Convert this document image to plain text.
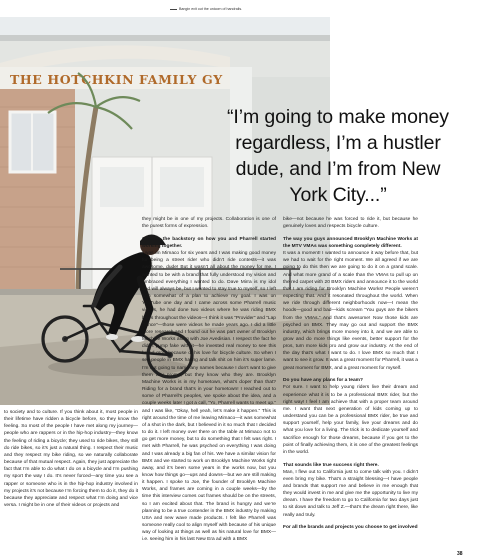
Bangin exit out the unicorn of handrails.
THE HOTCHKIN FAMILY GY
“I’m going to make money regardless, I’m a hustler dude, and I’m from New York City...”

to society and to culture. If you think about it, most people in their lifetime have ridden a bicycle before, so they know the feeling. So most of the people I have met along my journey— people who are rappers or in the hip-hop industry—they know the feeling of riding a bicycle; they used to ride bikes, they still do ride bikes, so it’s just a natural thing. I respect their music and they respect my bike riding, so we naturally collaborate because of that mutual respect. Again, they just appreciate the fact that I’m able to do what I do on a bicycle and I’m pushing my sport the way I do. It’s never forced—any time you see a rapper or someone who is in the hip-hop industry involved in my projects it’s not because I’m forcing them to do it, they do it because they appreciate and respect what I’m doing and vice versa. I might be in one of their videos or projects and

they might be in one of my projects. Collaboration is one of the purest forms of expression.

Give us the backstory on how you and Pharrell started working together.

I was on Mimaco for six years and I was making good money for being a street rider who didn’t ride contests—it was awesome, dude! But it wasn’t all about the money for me, I wanted to be with a brand that fully understood my vision and embraced everything I wanted to do. Dave Mirra is my idol and will always be, but I wanted to stay true to myself, so I left with somewhat of a plan to achieve my goal. I was on YouTube one day and I came across some Pharrell music videos, he had done two videos where he was riding BMX bikes throughout the videos—I think it was “Provider” and “Lap Dance”—those were videos he made years ago. I did a little more research and I found out he was part owner of Brooklyn Machine Works along with Joe Avedisian. I respect the fact he didn’t pump fake with it—he invested real money to see this brand grow because of his love for bicycle culture. So when I see people in BMX hating and talk shit on him it’s super lame. I’m not going to name any names because I don’t want to give them any promo, but they know who they are. Brooklyn Machine Works is in my hometown, what’s doper than that? Riding for a brand that’s in your hometown! I reached out to some of Pharrell’s peoples, we spoke about the idea, and a couple weeks later I got a call, “Yo, Pharrell wants to meet up.” and I was like, “Okay, hell yeah, let’s make it happen.” This is right around the time of me leaving Mimaco—it was somewhat of a shot in the dark, but I believed in it so much that I decided to do it. I left money over there on the table at Mimaco not to go get more money, but to do something that I felt was right. I met with Pharrell, he was psyched on everything I was doing and I was already a big fan of his. We have a similar vision for BMX and we started to work on Brooklyn Machine Works right away, and it’s been some years in the works now, but you know how things go—ups and downs—but we are still making it happen. I spoke to Joe, the founder of Brooklyn Machine Works, and frames are coming in a couple weeks—by the time this interview comes out frames should be on the streets, so I am excited about that. The brand is hungry and we’re planning to be a true contender in the BMX industry by making USA and new wave made products. I felt like Pharrell was someone really cool to align myself with because of his unique way of looking at things as well as his natural love for BMX—i.e. seeing him in his last New Era ad with a BMX

bike—not because he was forced to ride it, but because he genuinely loves and respects bicycle culture.

The way you guys announced Brooklyn Machine Works at the MTV VMAs was something completely different.

It was a moment! I wanted to announce it way before that, but we had to wait for the right moment. We all agreed if we are going to do this then we are going to do it on a grand scale. And what more grand of a scale than the VMAs to pull up on the red carpet with 20 BMX riders and announce it to the world that I am riding for Brooklyn Machine Works! People weren’t expecting that. And it resonated throughout the world. When we ride through different neighborhoods now—I mean the hoods—good and bad—kids scream “You guys are the bikers from the VMAs.” And that’s awesome! Now those kids are psyched on BMX. They may go out and support the BMX industry, which brings more money into it, and we are able to grow and do more things like events, better support for the pros, turn more kids pro and grow our industry. At the end of the day that’s what I want to do. I love BMX so much that I want to see it grow. It was a great moment for Pharrell, it was a great moment for BMX, and a great moment for myself.

Do you have any plans for a team?

For sure. I want to help young riders live their dream and experience what it is to be a professional BMX rider, but the right way! I feel I am achieve that with a proper team around me. I want that next generation of kids coming up to understand you can be a professional BMX rider, be true and support yourself, help your family, live your dreams and do what you love for a living. The trick is to dedicate yourself and sacrifice enough for those dreams, because if you get to the point of finally achieving them, it is one of the greatest feelings in the world.

That sounds like true success right there.

Man, I flew out to California just to come talk with you. I didn’t even bring my bike. That’s a straight blessing—I have people and brands that support me and believe in me enough that they would invest in me and give me the opportunity to live my dream. I have the freedom to go to California for two days just to sit down and talk to Jeff Z.—that’s the dream right there, like really and truly.

For all the brands and projects you choose to get involved

38
